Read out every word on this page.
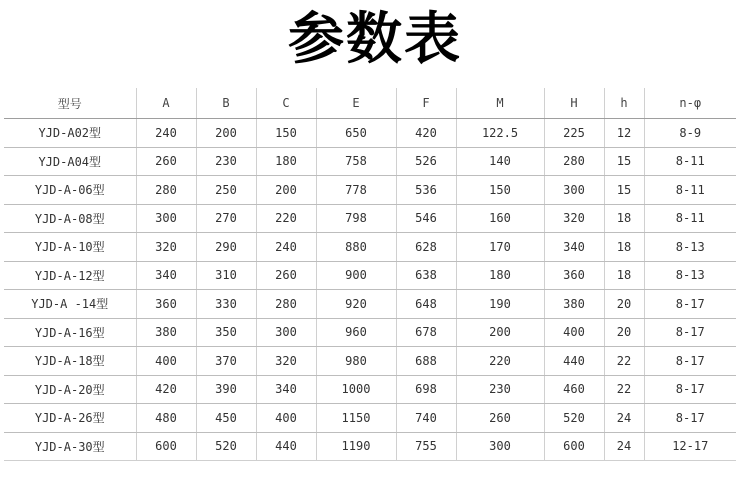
参数表
型号	A	B	C	E	F	M	H	h	n-φ
YJD-A02型	240	200	150	650	420	122.5	225	12	8-9
YJD-A04型	260	230	180	758	526	140	280	15	8-11
YJD-A-06型	280	250	200	778	536	150	300	15	8-11
YJD-A-08型	300	270	220	798	546	160	320	18	8-11
YJD-A-10型	320	290	240	880	628	170	340	18	8-13
YJD-A-12型	340	310	260	900	638	180	360	18	8-13
YJD-A -14型	360	330	280	920	648	190	380	20	8-17
YJD-A-16型	380	350	300	960	678	200	400	20	8-17
YJD-A-18型	400	370	320	980	688	220	440	22	8-17
YJD-A-20型	420	390	340	1000	698	230	460	22	8-17
YJD-A-26型	480	450	400	1150	740	260	520	24	8-17
YJD-A-30型	600	520	440	1190	755	300	600	24	12-17
